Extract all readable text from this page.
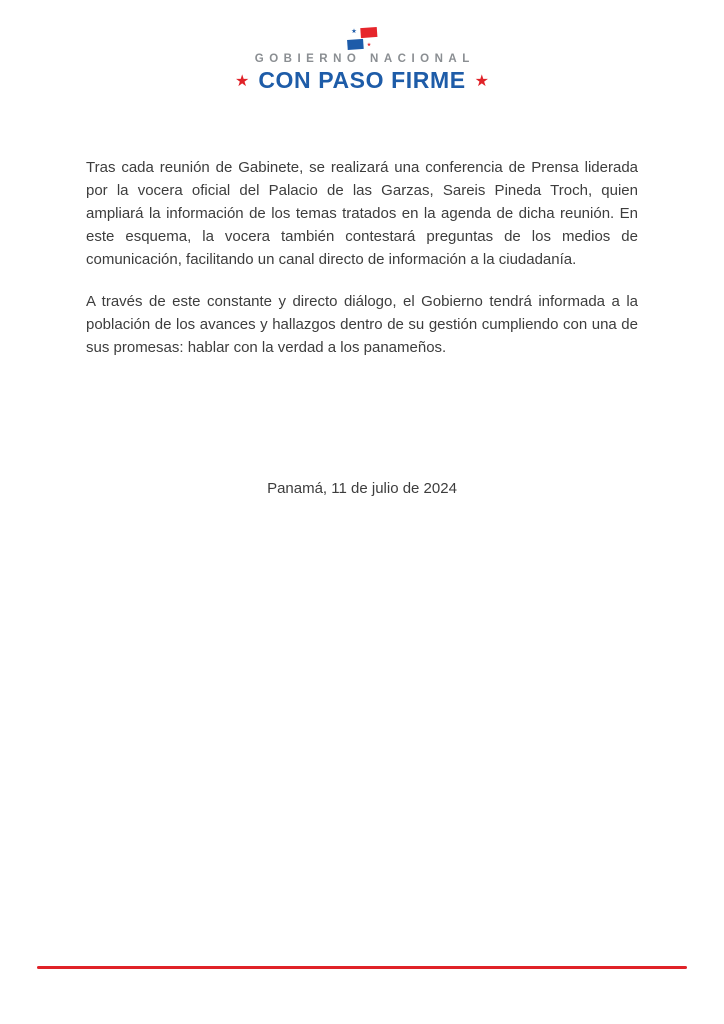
GOBIERNO NACIONAL
★ CON PASO FIRME ★

Tras cada reunión de Gabinete, se realizará una conferencia de Prensa liderada por la vocera oficial del Palacio de las Garzas, Sareis Pineda Troch, quien ampliará la información de los temas tratados en la agenda de dicha reunión. En este esquema, la vocera también contestará preguntas de los medios de comunicación, facilitando un canal directo de información a la ciudadanía.

A través de este constante y directo diálogo, el Gobierno tendrá informada a la población de los avances y hallazgos dentro de su gestión cumpliendo con una de sus promesas: hablar con la verdad a los panameños.

Panamá, 11 de julio de 2024
